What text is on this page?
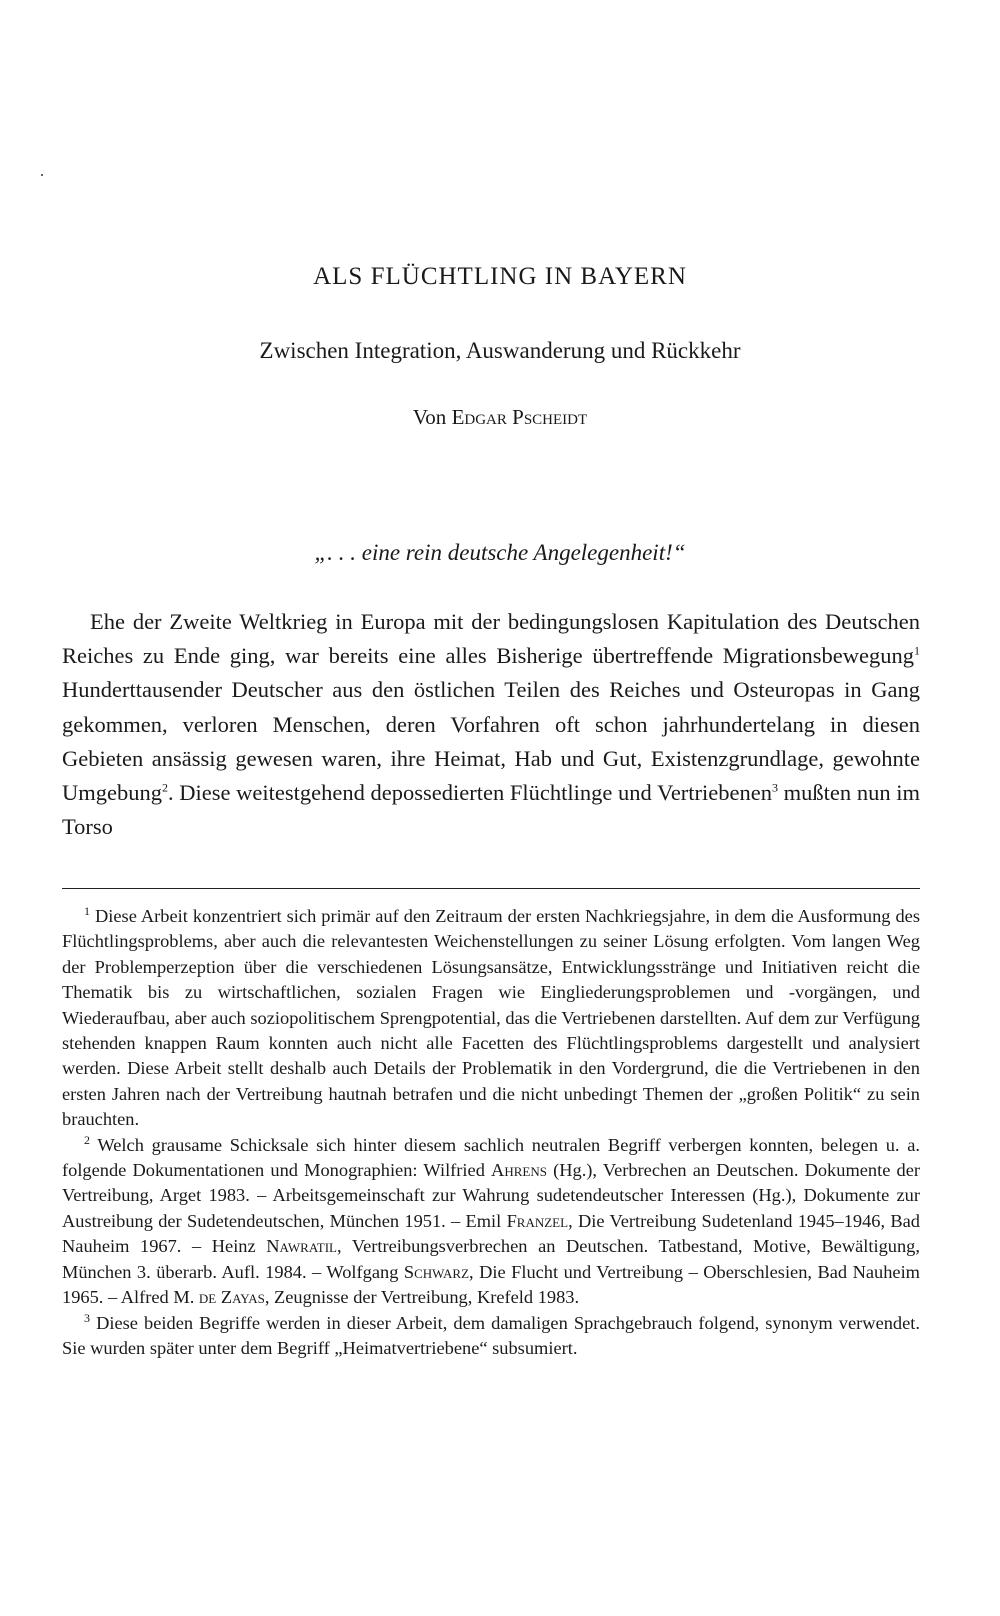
ALS FLÜCHTLING IN BAYERN
Zwischen Integration, Auswanderung und Rückkehr
Von Edgar Pscheidt
„. . . eine rein deutsche Angelegenheit!“

Ehe der Zweite Weltkrieg in Europa mit der bedingungslosen Kapitulation des Deutschen Reiches zu Ende ging, war bereits eine alles Bisherige übertreffende Migrationsbewegung$^1$ Hunderttausender Deutscher aus den östlichen Teilen des Reiches und Osteuropas in Gang gekommen, verloren Menschen, deren Vorfahren oft schon jahrhundertelang in diesen Gebieten ansässig gewesen waren, ihre Heimat, Hab und Gut, Existenzgrundlage, gewohnte Umgebung$^2$. Diese weitestgehend depossedierten Flüchtlinge und Vertriebenen$^3$ mußten nun im Torso

$^1$ Diese Arbeit konzentriert sich primär auf den Zeitraum der ersten Nachkriegsjahre, in dem die Ausformung des Flüchtlingsproblems, aber auch die relevantesten Weichenstellungen zu seiner Lösung erfolgten. Vom langen Weg der Problemperzeption über die verschiedenen Lösungsansätze, Entwicklungsstränge und Initiativen reicht die Thematik bis zu wirtschaftlichen, sozialen Fragen wie Eingliederungsproblemen und -vorgängen, und Wiederaufbau, aber auch soziopolitischem Sprengpotential, das die Vertriebenen darstellten. Auf dem zur Verfügung stehenden knappen Raum konnten auch nicht alle Facetten des Flüchtlingsproblems dargestellt und analysiert werden. Diese Arbeit stellt deshalb auch Details der Problematik in den Vordergrund, die die Vertriebenen in den ersten Jahren nach der Vertreibung hautnah betrafen und die nicht unbedingt Themen der „großen Politik“ zu sein brauchten.

$^2$ Welch grausame Schicksale sich hinter diesem sachlich neutralen Begriff verbergen konnten, belegen u. a. folgende Dokumentationen und Monographien: Wilfried Ahrens (Hg.), Verbrechen an Deutschen. Dokumente der Vertreibung, Arget 1983. – Arbeitsgemeinschaft zur Wahrung sudetendeutscher Interessen (Hg.), Dokumente zur Austreibung der Sudetendeutschen, München 1951. – Emil Franzel, Die Vertreibung Sudetenland 1945–1946, Bad Nauheim 1967. – Heinz Nawratil, Vertreibungsverbrechen an Deutschen. Tatbestand, Motive, Bewältigung, München 3. überarb. Aufl. 1984. – Wolfgang Schwarz, Die Flucht und Vertreibung – Oberschlesien, Bad Nauheim 1965. – Alfred M. de Zayas, Zeugnisse der Vertreibung, Krefeld 1983.

$^3$ Diese beiden Begriffe werden in dieser Arbeit, dem damaligen Sprachgebrauch folgend, synonym verwendet. Sie wurden später unter dem Begriff „Heimatvertriebene“ subsumiert.
